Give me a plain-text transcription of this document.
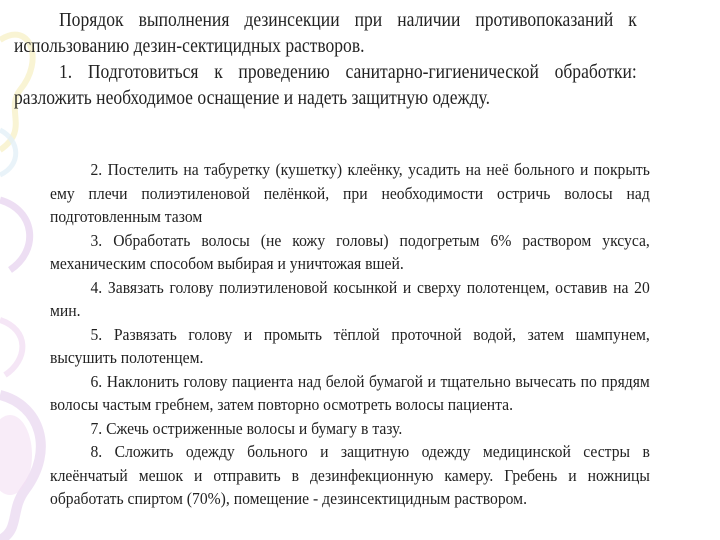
Порядок выполнения дезинсекции при наличии противопоказаний к использованию дезин-сектицидных растворов.

1. Подготовиться к проведению санитарно-гигиенической обработки: разложить необходимое оснащение и надеть защитную одежду.

2. Постелить на табуретку (кушетку) клеёнку, усадить на неё больного и покрыть ему плечи полиэтиленовой пелёнкой, при необходимости остричь волосы над подготовленным тазом

3. Обработать волосы (не кожу головы) подогретым 6% раствором уксуса, механическим способом выбирая и уничтожая вшей.

4. Завязать голову полиэтиленовой косынкой и сверху полотенцем, оставив на 20 мин.

5. Развязать голову и промыть тёплой проточной водой, затем шампунем, высушить полотенцем.

6. Наклонить голову пациента над белой бумагой и тщательно вычесать по прядям волосы частым гребнем, затем повторно осмотреть волосы пациента.

7. Сжечь остриженные волосы и бумагу в тазу.

8. Сложить одежду больного и защитную одежду медицинской сестры в клеёнчатый мешок и отправить в дезинфекционную камеру. Гребень и ножницы обработать спиртом (70%), помещение - дезинсектицидным раствором.
